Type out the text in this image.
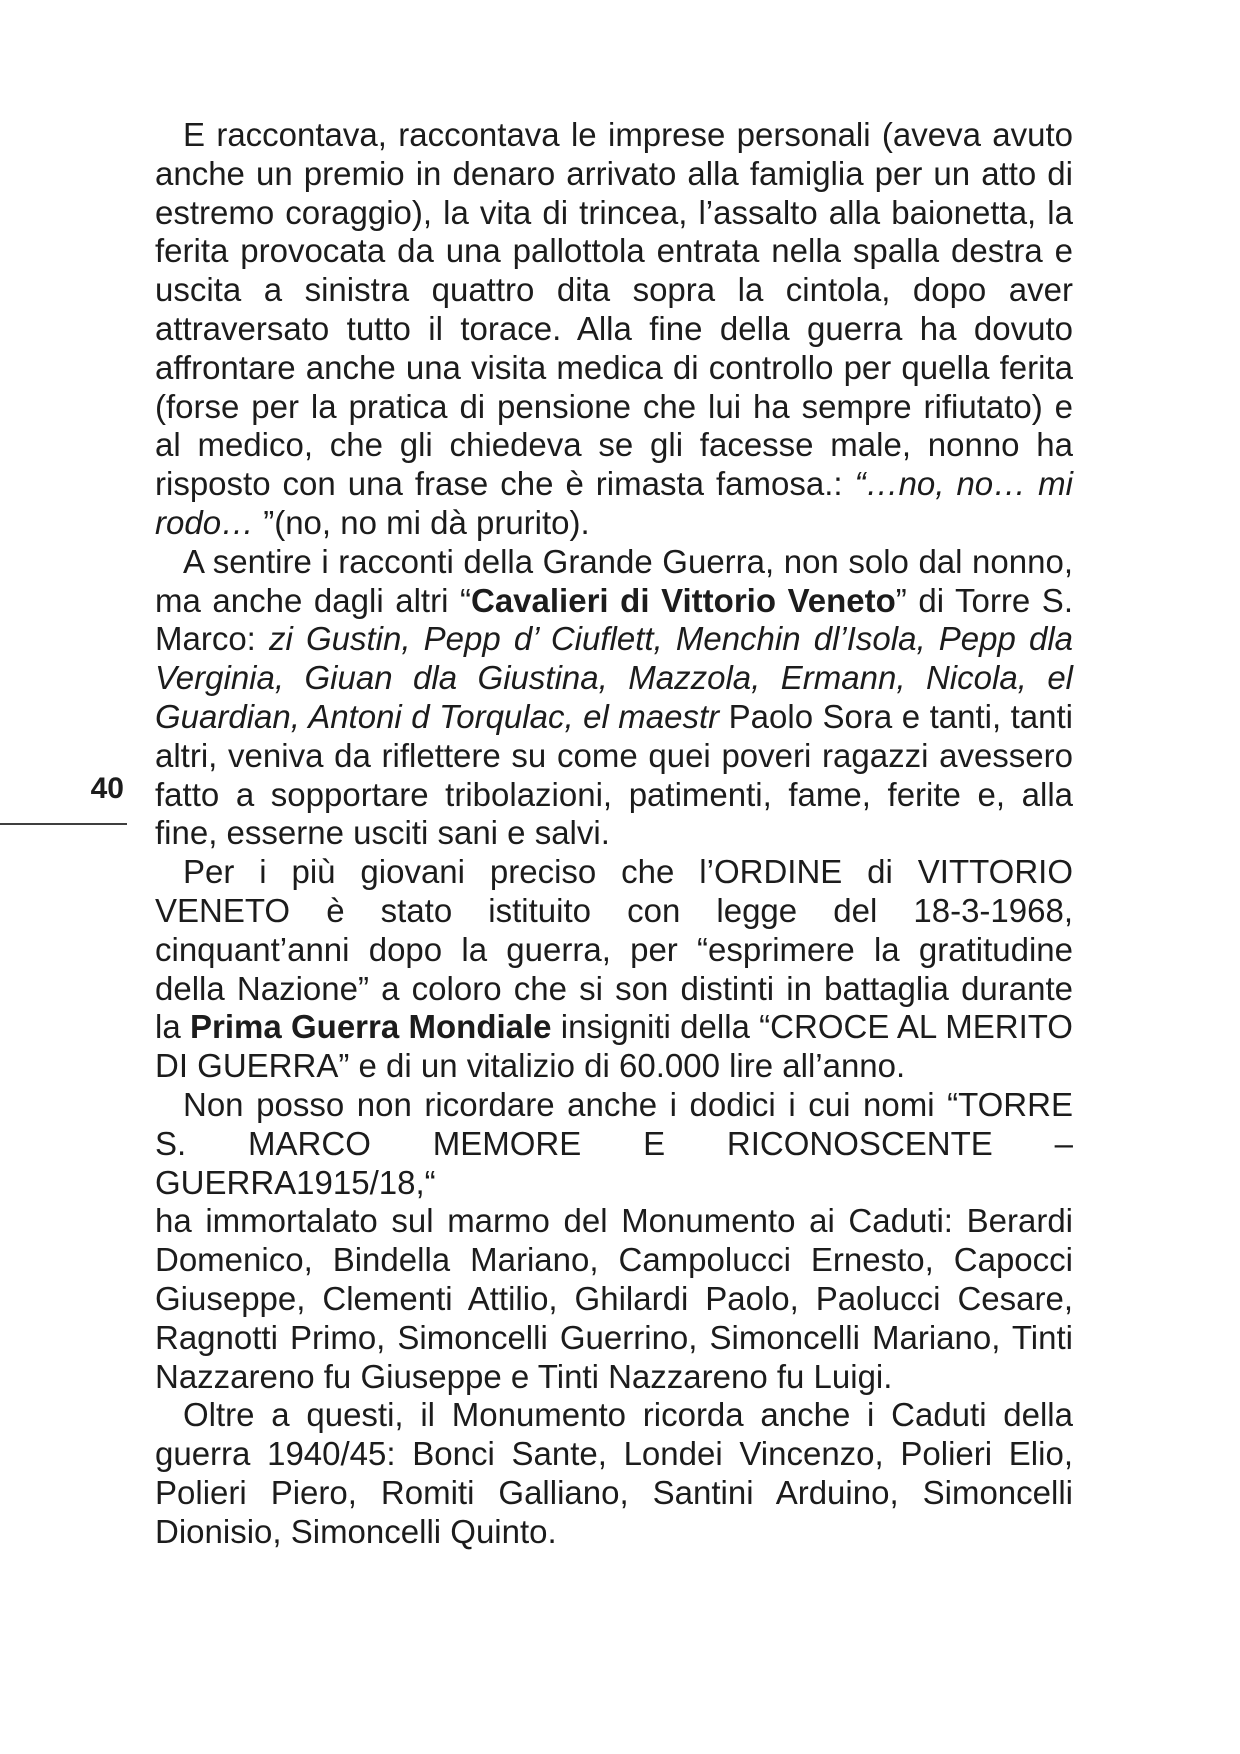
40

E raccontava, raccontava le imprese personali (aveva avuto anche un premio in denaro arrivato alla famiglia per un atto di estremo coraggio), la vita di trincea, l’assalto alla baionetta, la ferita provocata da una pallottola entrata nella spalla destra e uscita a sinistra quattro dita sopra la cintola, dopo aver attraversato tutto il torace. Alla fine della guerra ha dovuto affrontare anche una visita medica di controllo per quella ferita (forse per la pratica di pensione che lui ha sempre rifiutato) e al medico, che gli chiedeva se gli facesse male, nonno ha risposto con una frase che è rimasta famosa.: “…no, no… mi rodo… ”(no, no mi dà prurito).

A sentire i racconti della Grande Guerra, non solo dal nonno, ma anche dagli altri “Cavalieri di Vittorio Veneto” di Torre S. Marco: zi Gustin, Pepp d’ Ciuflett, Menchin dl’Isola, Pepp dla Verginia, Giuan dla Giustina, Mazzola, Ermann, Nicola, el Guardian, Antoni d Torqulac, el maestr Paolo Sora e tanti, tanti altri, veniva da riflettere su come quei poveri ragazzi avessero fatto a sopportare tribolazioni, patimenti, fame, ferite e, alla fine, esserne usciti sani e salvi.

Per i più giovani preciso che l’ORDINE di VITTORIO VENETO è stato istituito con legge del 18-3-1968, cinquant’anni dopo la guerra, per “esprimere la gratitudine della Nazione” a coloro che si son distinti in battaglia durante la Prima Guerra Mondiale insigniti della “CROCE AL MERITO DI GUERRA” e di un vitalizio di 60.000 lire all’anno.

Non posso non ricordare anche i dodici i cui nomi “TORRE S. MARCO MEMORE E RICONOSCENTE –GUERRA1915/18,“

ha immortalato sul marmo del Monumento ai Caduti: Berardi Domenico, Bindella Mariano, Campolucci Ernesto, Capocci Giuseppe, Clementi Attilio, Ghilardi Paolo, Paolucci Cesare, Ragnotti Primo, Simoncelli Guerrino, Simoncelli Mariano, Tinti Nazzareno fu Giuseppe e Tinti Nazzareno fu Luigi.

Oltre a questi, il Monumento ricorda anche i Caduti della guerra 1940/45: Bonci Sante, Londei Vincenzo, Polieri Elio, Polieri Piero, Romiti Galliano, Santini Arduino, Simoncelli Dionisio, Simoncelli Quinto.
